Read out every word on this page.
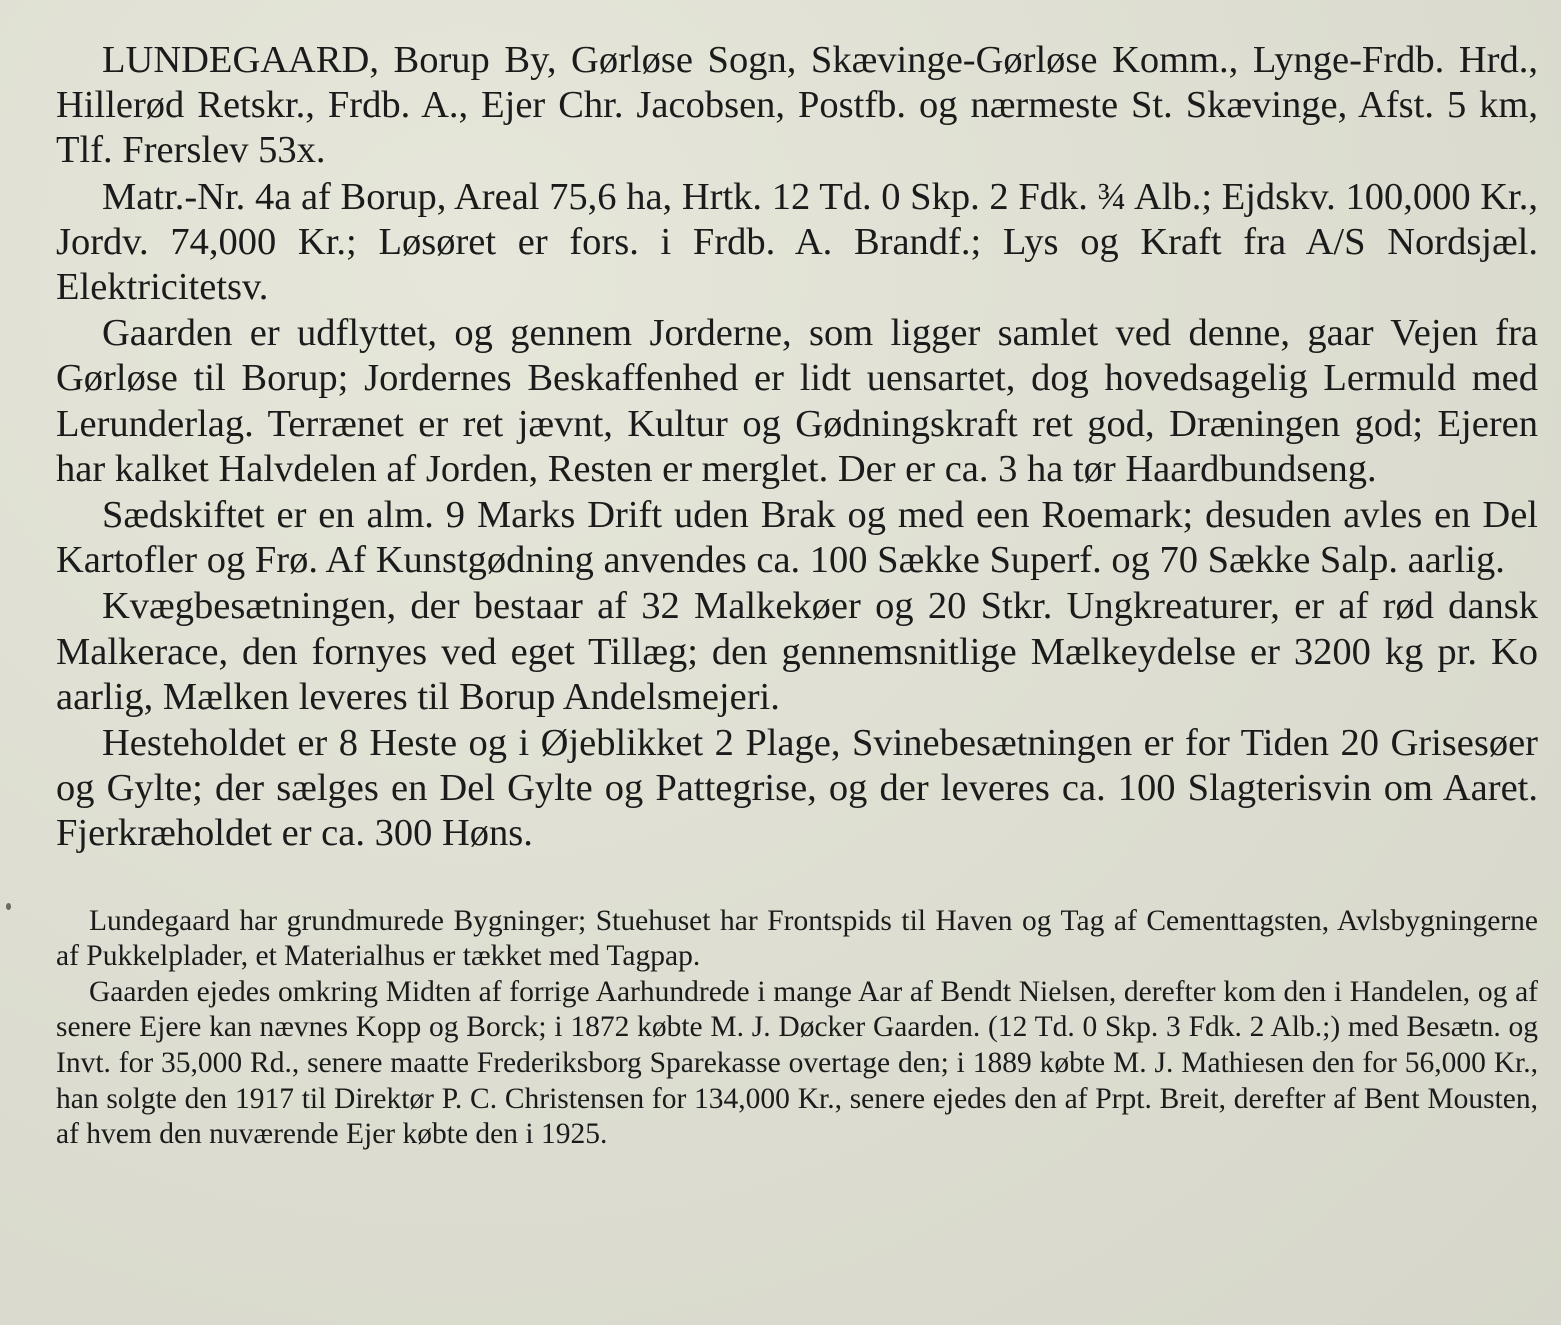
LUNDEGAARD, Borup By, Gørløse Sogn, Skævinge-Gørløse Komm., Lynge-Frdb. Hrd., Hillerød Retskr., Frdb. A., Ejer Chr. Jacobsen, Postfb. og nærmeste St. Skævinge, Afst. 5 km, Tlf. Frerslev 53x.

Matr.-Nr. 4a af Borup, Areal 75,6 ha, Hrtk. 12 Td. 0 Skp. 2 Fdk. ¾ Alb.; Ejdskv. 100,000 Kr., Jordv. 74,000 Kr.; Løsøret er fors. i Frdb. A. Brandf.; Lys og Kraft fra A/S Nordsjæl. Elektricitetsv.

Gaarden er udflyttet, og gennem Jorderne, som ligger samlet ved denne, gaar Vejen fra Gørløse til Borup; Jordernes Beskaffenhed er lidt uensartet, dog hovedsagelig Lermuld med Lerunderlag. Terrænet er ret jævnt, Kultur og Gødningskraft ret god, Dræningen god; Ejeren har kalket Halvdelen af Jorden, Resten er merglet. Der er ca. 3 ha tør Haardbundseng.

Sædskiftet er en alm. 9 Marks Drift uden Brak og med een Roemark; desuden avles en Del Kartofler og Frø. Af Kunstgødning anvendes ca. 100 Sække Superf. og 70 Sække Salp. aarlig.

Kvægbesætningen, der bestaar af 32 Malkekøer og 20 Stkr. Ungkreaturer, er af rød dansk Malkerace, den fornyes ved eget Tillæg; den gennemsnitlige Mælkeydelse er 3200 kg pr. Ko aarlig, Mælken leveres til Borup Andelsmejeri.

Hesteholdet er 8 Heste og i Øjeblikket 2 Plage, Svinebesætningen er for Tiden 20 Grisesøer og Gylte; der sælges en Del Gylte og Pattegrise, og der leveres ca. 100 Slagterisvin om Aaret. Fjerkræholdet er ca. 300 Høns.

Lundegaard har grundmurede Bygninger; Stuehuset har Frontspids til Haven og Tag af Cementtagsten, Avlsbygningerne af Pukkelplader, et Materialhus er tækket med Tagpap.

Gaarden ejedes omkring Midten af forrige Aarhundrede i mange Aar af Bendt Nielsen, derefter kom den i Handelen, og af senere Ejere kan nævnes Kopp og Borck; i 1872 købte M. J. Døcker Gaarden. (12 Td. 0 Skp. 3 Fdk. 2 Alb.;) med Besætn. og Invt. for 35,000 Rd., senere maatte Frederiksborg Sparekasse overtage den; i 1889 købte M. J. Mathiesen den for 56,000 Kr., han solgte den 1917 til Direktør P. C. Christensen for 134,000 Kr., senere ejedes den af Prpt. Breit, derefter af Bent Mousten, af hvem den nuværende Ejer købte den i 1925.
